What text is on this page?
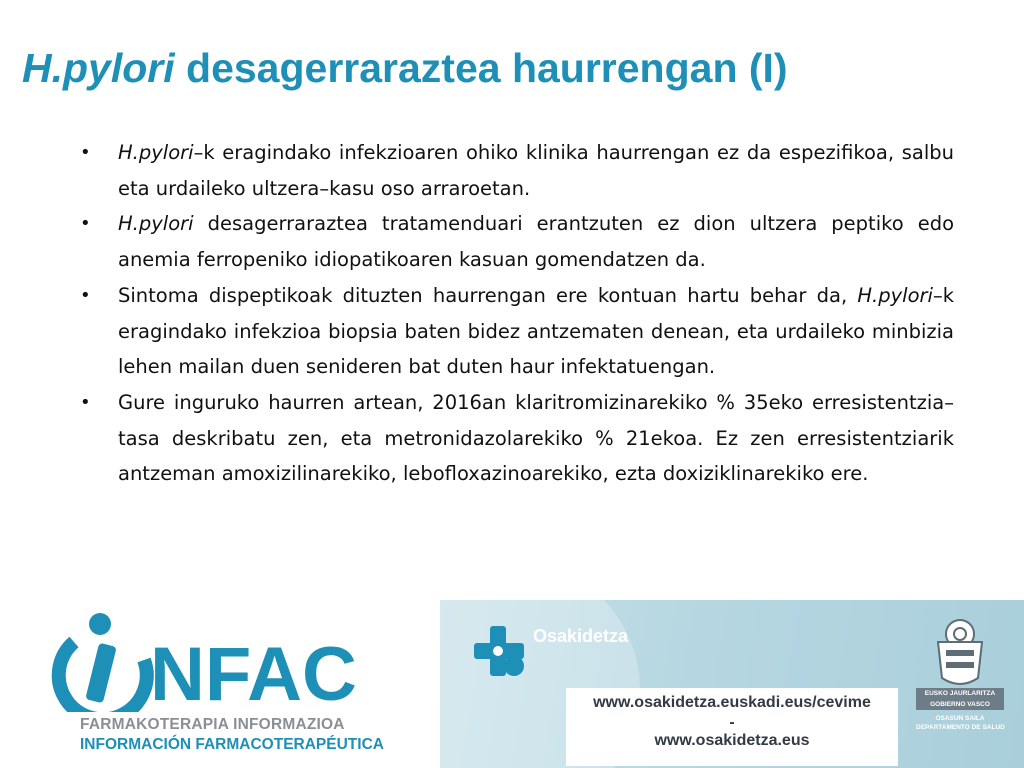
H.pylori desagerraraztea haurrengan (I)
• H.pylori–k eragindako infekzioaren ohiko klinika haurrengan ez da espezifikoa, salbu eta urdaileko ultzera–kasu oso arraroetan.
• H.pylori desagerraraztea tratamenduari erantzuten ez dion ultzera peptiko edo anemia ferropeniko idiopatikoaren kasuan gomendatzen da.
• Sintoma dispeptikoak dituzten haurrengan ere kontuan hartu behar da, H.pylori–k eragindako infekzioa biopsia baten bidez antzematen denean, eta urdaileko minbizia lehen mailan duen senideren bat duten haur infektatuengan.
• Gure inguruko haurren artean, 2016an klaritromizinarekiko % 35eko erresistentzia–tasa deskribatu zen, eta metronidazolarekiko % 21ekoa. Ez zen erresistentziarik antzeman amoxizilinarekiko, lebofloxazinoarekiko, ezta doxiziklinarekiko ere.
NFAC
FARMAKOTERAPIA INFORMAZIOA
INFORMACIÓN FARMACOTERAPÉUTICA
Osakidetza
www.osakidetza.euskadi.eus/cevime
-
www.osakidetza.eus
EUSKO JAURLARITZA
GOBIERNO VASCO
OSASUN SAILA
DEPARTAMENTO DE SALUD
